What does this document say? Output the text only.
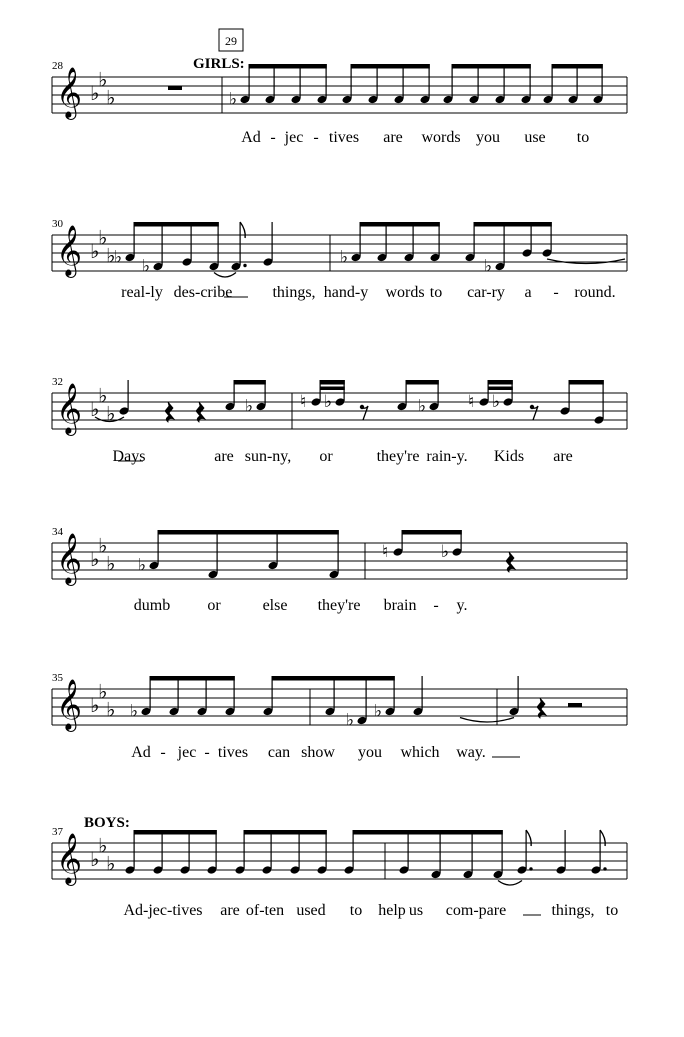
29
28	GIRLS:
♭
Ad - jec - tives are words you use to
𝄞 ♭
♭
♭
30
♭ ♭	♭	♭
real-ly des-cribe	things, hand-y words to car-ry a - round.
𝄞 ♭
♭
♭
32
♭	♮ ♭	♭ ♮ ♭
Days	are sun-ny, or	they're rain-y. Kids are
𝄞 ♭
♭
♭
34
♭
♮	♭
dumb or	else they're brain - y.
𝄞 ♭
♭
♭
35
♭	♭ ♭
Ad - jec - tives can show you which way.
𝄞 ♭
♭
♭
37
BOYS:
Ad-jec-tives are of-ten used to help us com-pare	things, to
𝄞 ♭
♭
♭
